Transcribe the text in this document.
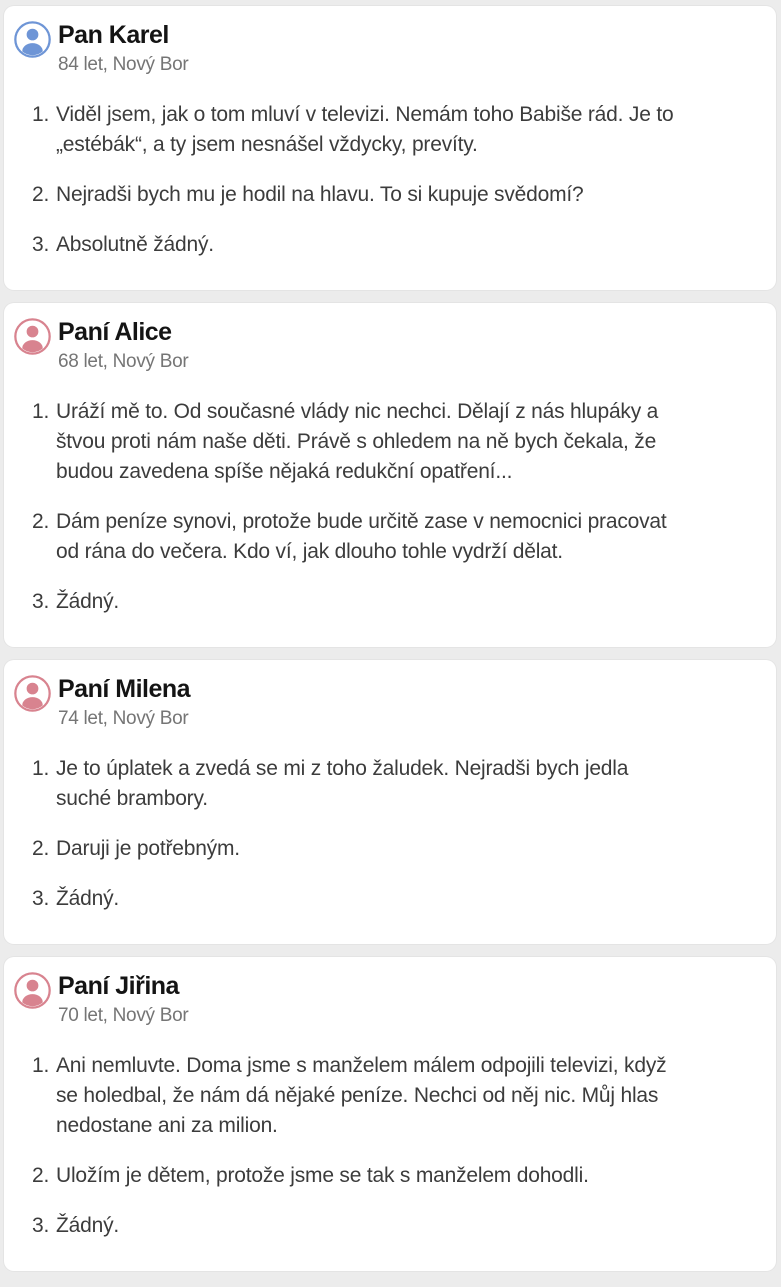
Pan Karel
84 let, Nový Bor
Viděl jsem, jak o tom mluví v televizi. Nemám toho Babiše rád. Je to „estébák“, a ty jsem nesnášel vždycky, prevíty.
Nejradši bych mu je hodil na hlavu. To si kupuje svědomí?
Absolutně žádný.
Paní Alice
68 let, Nový Bor
Uráží mě to. Od současné vlády nic nechci. Dělají z nás hlupáky a štvou proti nám naše děti. Právě s ohledem na ně bych čekala, že budou zavedena spíše nějaká redukční opatření...
Dám peníze synovi, protože bude určitě zase v nemocnici pracovat od rána do večera. Kdo ví, jak dlouho tohle vydrží dělat.
Žádný.
Paní Milena
74 let, Nový Bor
Je to úplatek a zvedá se mi z toho žaludek. Nejradši bych jedla suché brambory.
Daruji je potřebným.
Žádný.
Paní Jiřina
70 let, Nový Bor
Ani nemluvte. Doma jsme s manželem málem odpojili televizi, když se holedbal, že nám dá nějaké peníze. Nechci od něj nic. Můj hlas nedostane ani za milion.
Uložím je dětem, protože jsme se tak s manželem dohodli.
Žádný.
